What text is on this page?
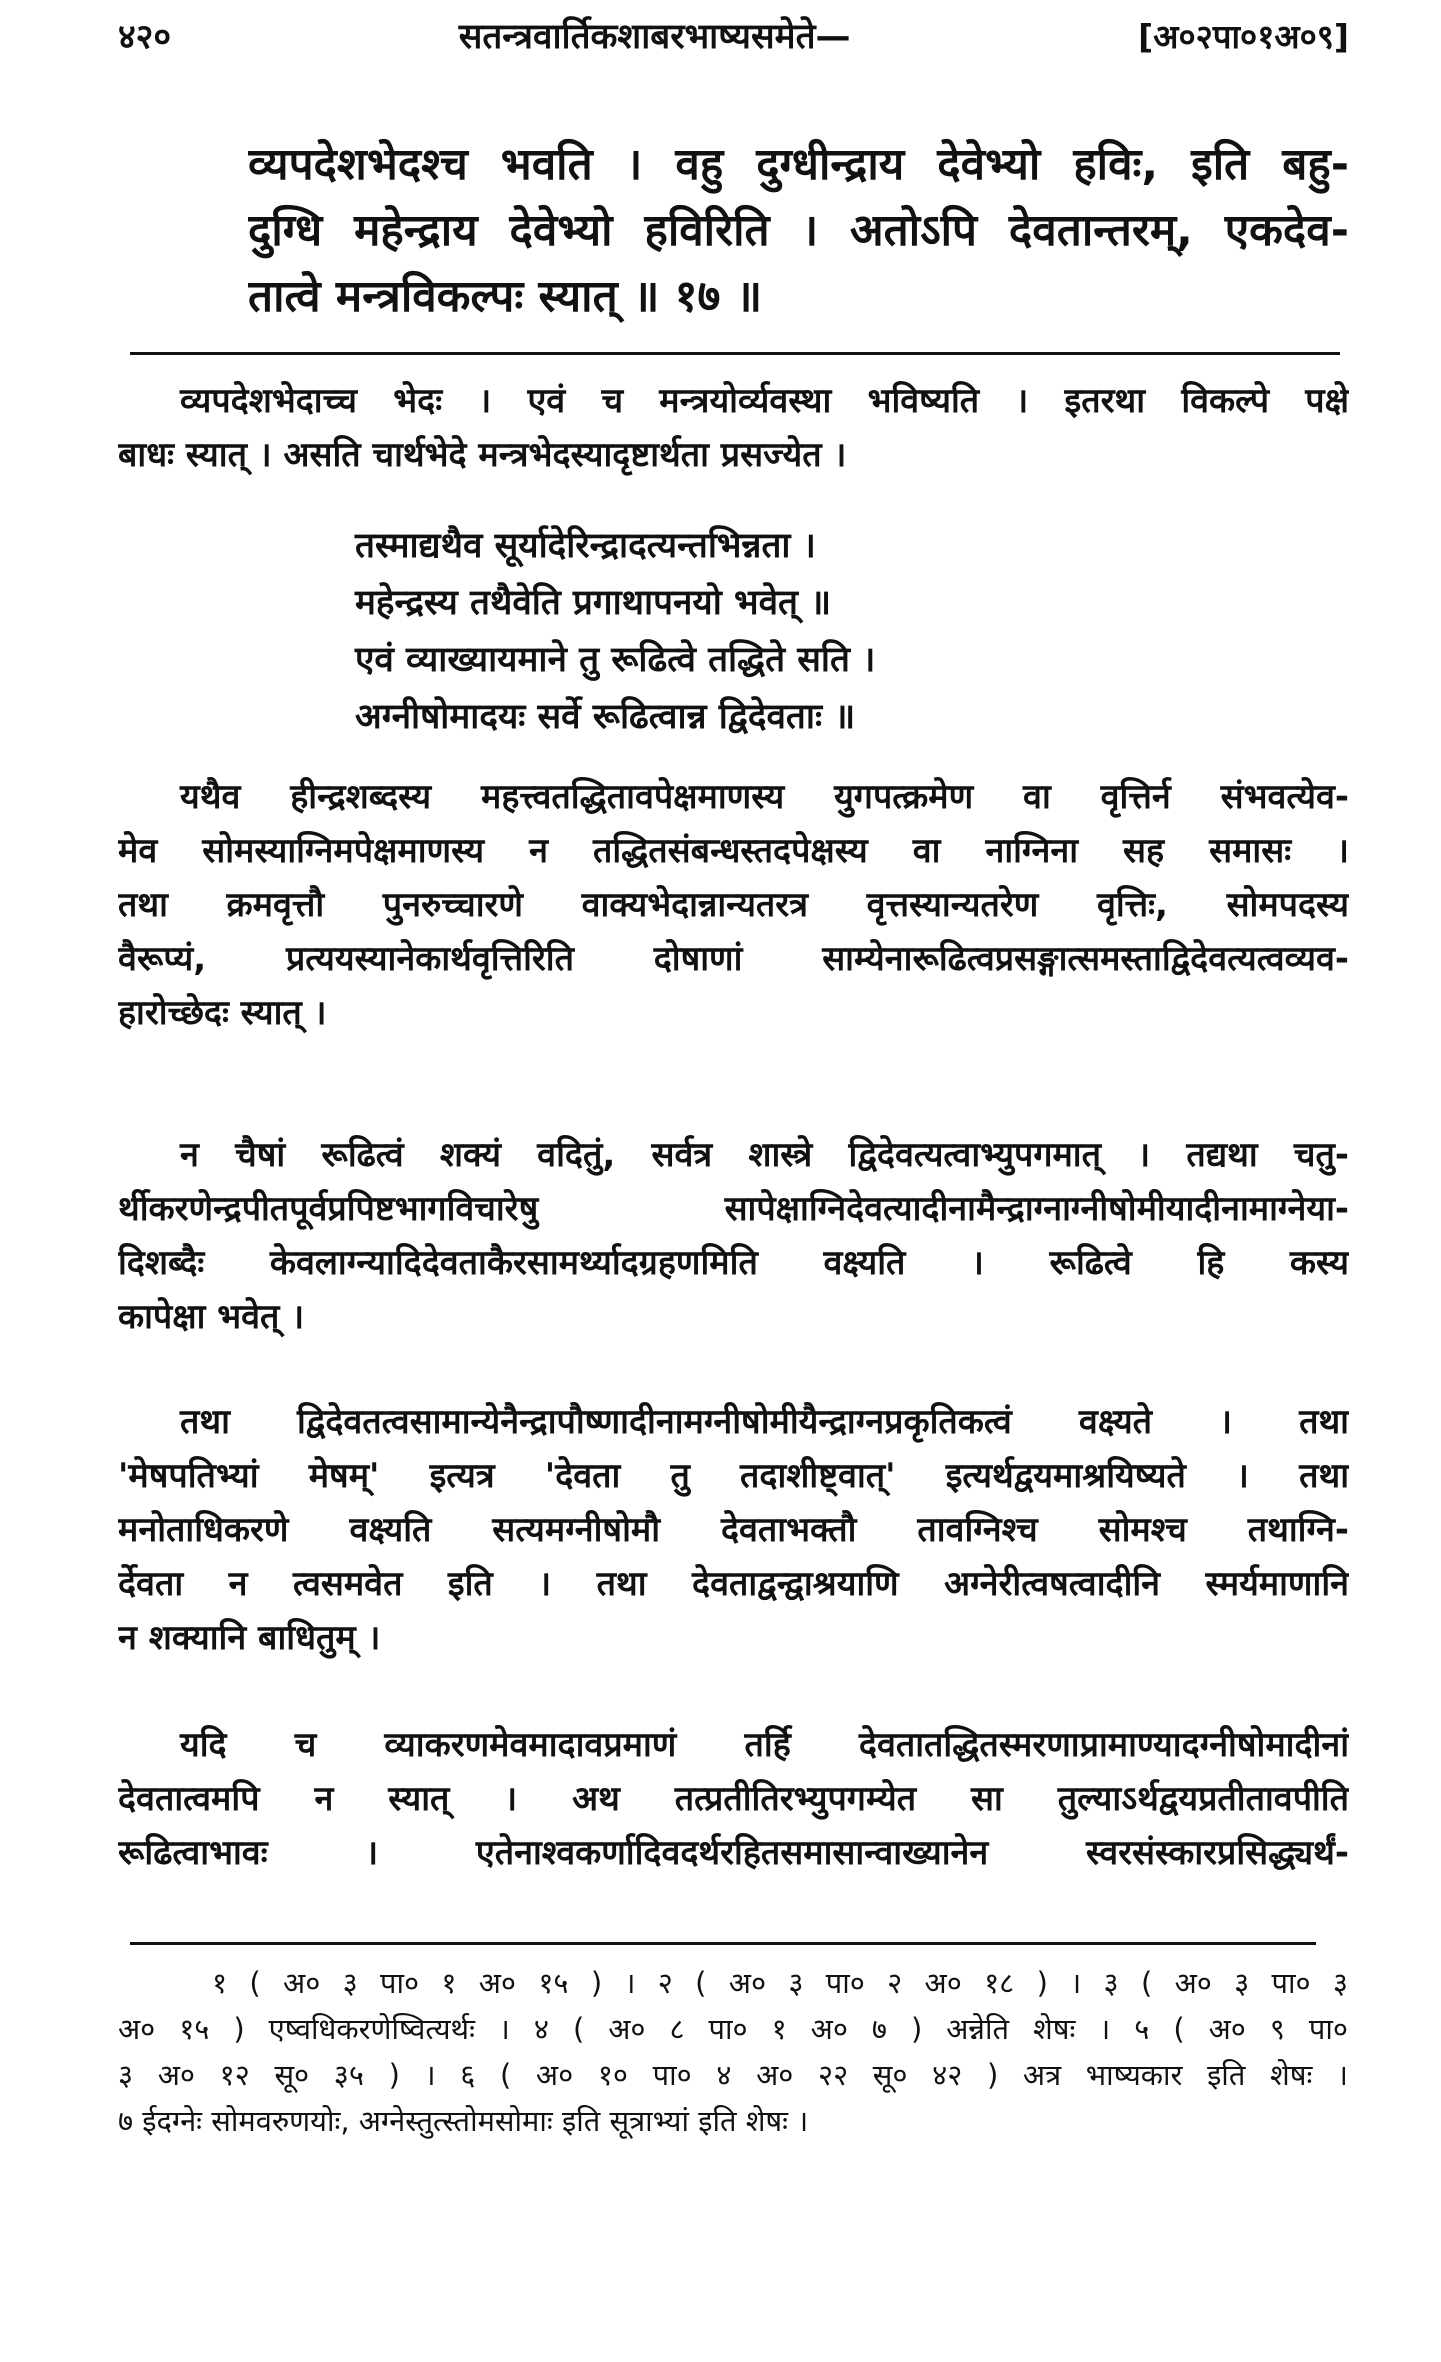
४२०	सतन्त्रवार्तिकशाबरभाष्यसमेते—	[अ०२पा०१अ०९]
व्यपदेशभेदश्च भवति । वहु दुग्धीन्द्राय देवेभ्यो हविः, इति बहु-
दुग्धि महेन्द्राय देवेभ्यो हविरिति । अतोऽपि देवतान्तरम्, एकदेव-
तात्वे मन्त्रविकल्पः स्यात् ॥ १७ ॥
व्यपदेशभेदाच्च भेदः । एवं च मन्त्रयोर्व्यवस्था भविष्यति । इतरथा विकल्पे पक्षे
बाधः स्यात् । असति चार्थभेदे मन्त्रभेदस्यादृष्टार्थता प्रसज्येत ।
तस्माद्यथैव सूर्यादेरिन्द्रादत्यन्तभिन्नता ।
महेन्द्रस्य तथैवेति प्रगाथापनयो भवेत् ॥
एवं व्याख्यायमाने तु रूढित्वे तद्धिते सति ।
अग्नीषोमादयः सर्वे रूढित्वान्न द्विदेवताः ॥
यथैव हीन्द्रशब्दस्य महत्त्वतद्धितावपेक्षमाणस्य युगपत्क्रमेण वा वृत्तिर्न संभवत्येव-
मेव सोमस्याग्निमपेक्षमाणस्य न तद्धितसंबन्धस्तदपेक्षस्य वा नाग्निना सह समासः ।
तथा क्रमवृत्तौ पुनरुच्चारणे वाक्यभेदान्नान्यतरत्र वृत्तस्यान्यतरेण वृत्तिः, सोमपदस्य
वैरूप्यं, प्रत्ययस्यानेकार्थवृत्तिरिति दोषाणां साम्येनारूढित्वप्रसङ्गात्समस्ताद्विदेवत्यत्वव्यव-
हारोच्छेदः स्यात् ।
न चैषां रूढित्वं शक्यं वदितुं, सर्वत्र शास्त्रे द्विदेवत्यत्वाभ्युपगमात् । तद्यथा चतु-
र्थीकरणेन्द्रपीतपूर्वप्रपिष्टभागविचारेषु सापेक्षाग्निदेवत्यादीनामैन्द्राग्नाग्नीषोमीयादीनामाग्नेया-
दिशब्दैः केवलाग्न्यादिदेवताकैरसामर्थ्यादग्रहणमिति वक्ष्यति । रूढित्वे हि कस्य
कापेक्षा भवेत् ।
तथा द्विदेवतत्वसामान्येनैन्द्रापौष्णादीनामग्नीषोमीयैन्द्राग्नप्रकृतिकत्वं वक्ष्यते । तथा
'मेषपतिभ्यां मेषम्' इत्यत्र 'देवता तु तदाशीष्ट्वात्' इत्यर्थद्वयमाश्रयिष्यते । तथा
मनोताधिकरणे वक्ष्यति सत्यमग्नीषोमौ देवताभक्तौ तावग्निश्च सोमश्च तथाग्नि-
र्देवता न त्वसमवेत इति । तथा देवताद्वन्द्वाश्रयाणि अग्नेरीत्वषत्वादीनि स्मर्यमाणानि
न शक्यानि बाधितुम् ।
यदि च व्याकरणमेवमादावप्रमाणं तर्हि देवतातद्धितस्मरणाप्रामाण्यादग्नीषोमादीनां
देवतात्वमपि न स्यात् । अथ तत्प्रतीतिरभ्युपगम्येत सा तुल्याऽर्थद्वयप्रतीतावपीति
रूढित्वाभावः । एतेनाश्वकर्णादिवदर्थरहितसमासान्वाख्यानेन स्वरसंस्कारप्रसिद्ध्यर्थं-
१ ( अ० ३ पा० १ अ० १५ ) । २ ( अ० ३ पा० २ अ० १८ ) । ३ ( अ० ३ पा० ३
अ० १५ ) एष्वधिकरणेष्वित्यर्थः । ४ ( अ० ८ पा० १ अ० ७ ) अन्नेति शेषः । ५ ( अ० ९ पा०
३ अ० १२ सू० ३५ ) । ६ ( अ० १० पा० ४ अ० २२ सू० ४२ ) अत्र भाष्यकार इति शेषः ।
७ ईदग्नेः सोमवरुणयोः, अग्नेस्तुत्स्तोमसोमाः इति सूत्राभ्यां इति शेषः ।
